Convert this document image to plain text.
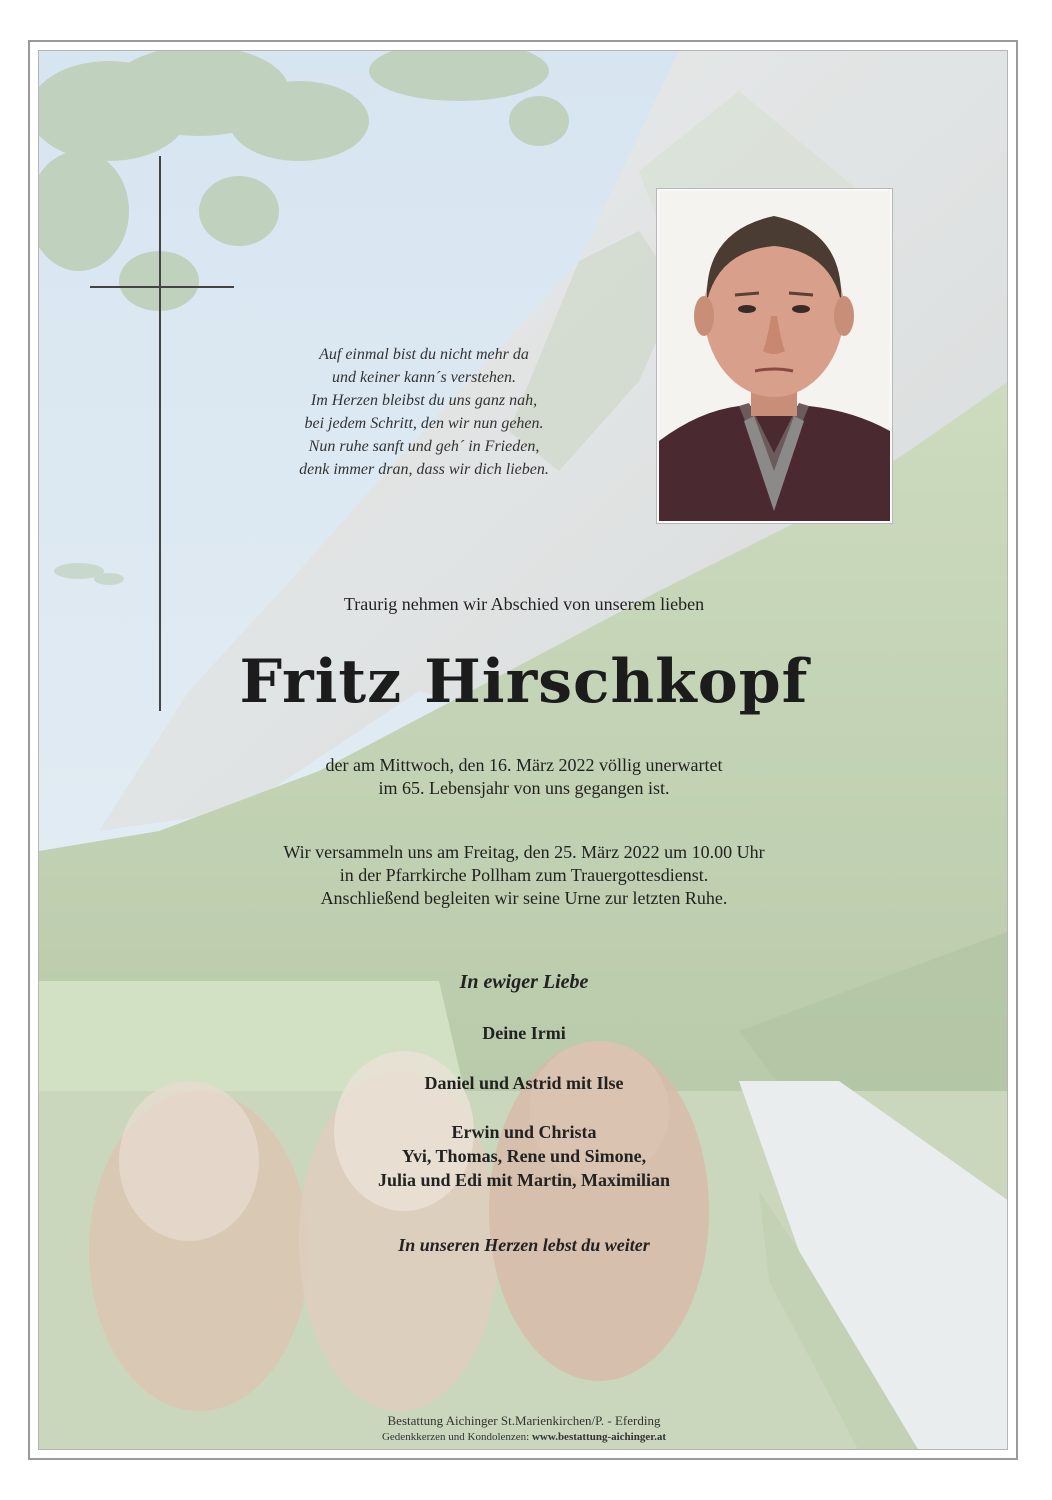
Auf einmal bist du nicht mehr da
und keiner kann´s verstehen.
Im Herzen bleibst du uns ganz nah,
bei jedem Schritt, den wir nun gehen.
Nun ruhe sanft und geh´ in Frieden,
denk immer dran, dass wir dich lieben.
Traurig nehmen wir Abschied von unserem lieben
Fritz Hirschkopf
der am Mittwoch, den 16. März 2022 völlig unerwartet
im 65. Lebensjahr von uns gegangen ist.
Wir versammeln uns am Freitag, den 25. März 2022 um 10.00 Uhr
in der Pfarrkirche Pollham zum Trauergottesdienst.
Anschließend begleiten wir seine Urne zur letzten Ruhe.
In ewiger Liebe
Deine Irmi
Daniel und Astrid mit Ilse
Erwin und Christa
Yvi, Thomas, Rene und Simone,
Julia und Edi mit Martin, Maximilian
In unseren Herzen lebst du weiter
Bestattung Aichinger St.Marienkirchen/P. - Eferding
Gedenkkerzen und Kondolenzen: www.bestattung-aichinger.at
